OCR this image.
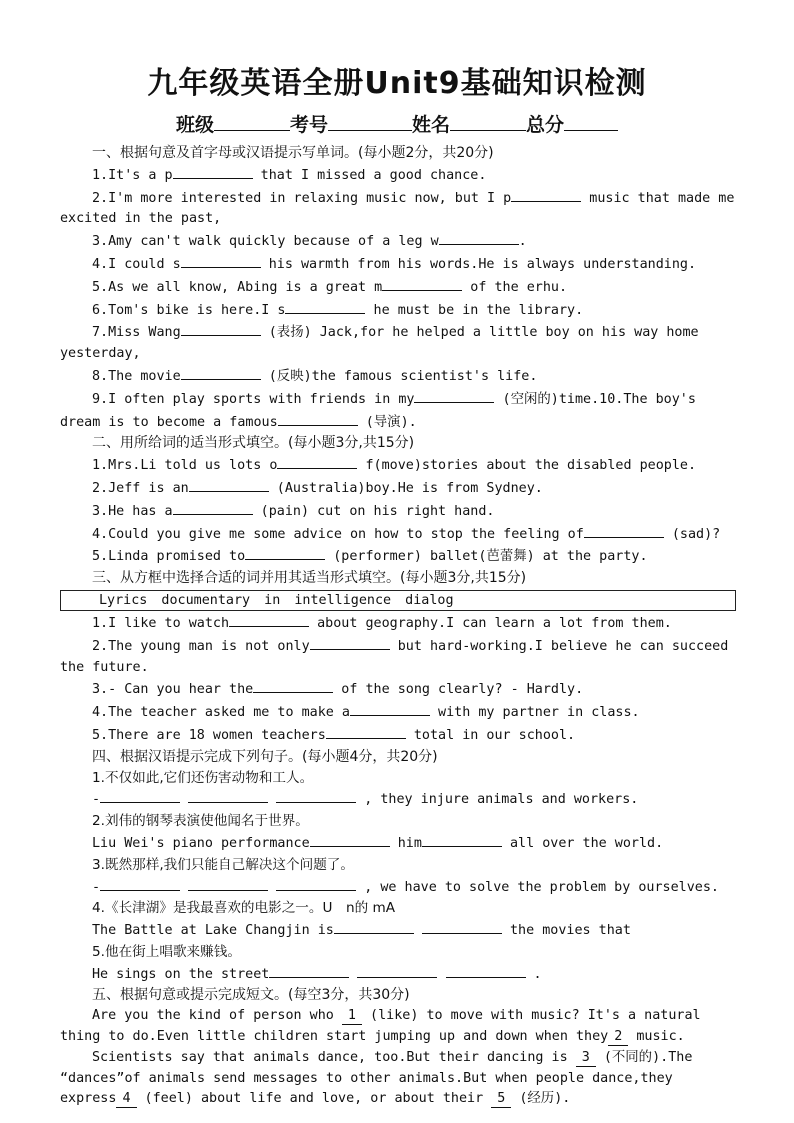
九年级英语全册Unit9基础知识检测
班级	考号	姓名	总分

一、根据句意及首字母或汉语提示写单词。(每小题2分，共20分)

1.It's a p	that I missed a good chance.

2.I'm more interested in relaxing music now, but I p	music that made me excited in the past,

3.Amy can't walk quickly because of a leg w	.

4.I could s	his warmth from his words.He is always understanding.

5.As we all know, Abing is a great m	of the erhu.

6.Tom's bike is here.I s	he must be in the library.

7.Miss Wang	(表扬) Jack,for he helped a little boy on his way home yesterday,

8.The movie	(反映)the famous scientist's life.

9.I often play sports with friends in my	(空闲的)time.10.The boy's dream is to become a famous	(导演).

二、用所给词的适当形式填空。(每小题3分,共15分)

1.Mrs.Li told us lots o	f(move)stories about the disabled people.

2.Jeff is an	(Australia)boy.He is from Sydney.

3.He has a	(pain) cut on his right hand.

4.Could you give me some advice on how to stop the feeling of	(sad)?

5.Linda promised to	(performer) ballet(芭蕾舞) at the party.

三、从方框中选择合适的词并用其适当形式填空。(每小题3分,共15分)

Lyrics documentary in intelligence dialog

1.I like to watch	about geography.I can learn a lot from them.

2.The young man is not only	but hard-working.I believe he can succeed the future.

3.- Can you hear the	of the song clearly? - Hardly.

4.The teacher asked me to make a	with my partner in class.

5.There are 18 women teachers	total in our school.

四、根据汉语提示完成下列句子。(每小题4分，共20分)

1.不仅如此,它们还伤害动物和工人。

-	, they injure animals and workers.

2.刘伟的钢琴表演使他闻名于世界。

Liu Wei's piano performance	him	all over the world.

3.既然那样,我们只能自己解决这个问题了。

-	, we have to solve the problem by ourselves.

4.《长津湖》是我最喜欢的电影之一。U　n的 mA

The Battle at Lake Changjin is	the movies that

5.他在街上唱歌来赚钱。

He sings on the street	.

五、根据句意或提示完成短文。(每空3分，共30分)

Are you the kind of person who 1 (like) to move with music? It's a natural thing to do.Even little children start jumping up and down when they 2 music.

Scientists say that animals dance, too.But their dancing is 3 (不同的).The “dances”of animals send messages to other animals.But when people dance,they express 4 (feel) about life and love, or about their 5 (经历).
